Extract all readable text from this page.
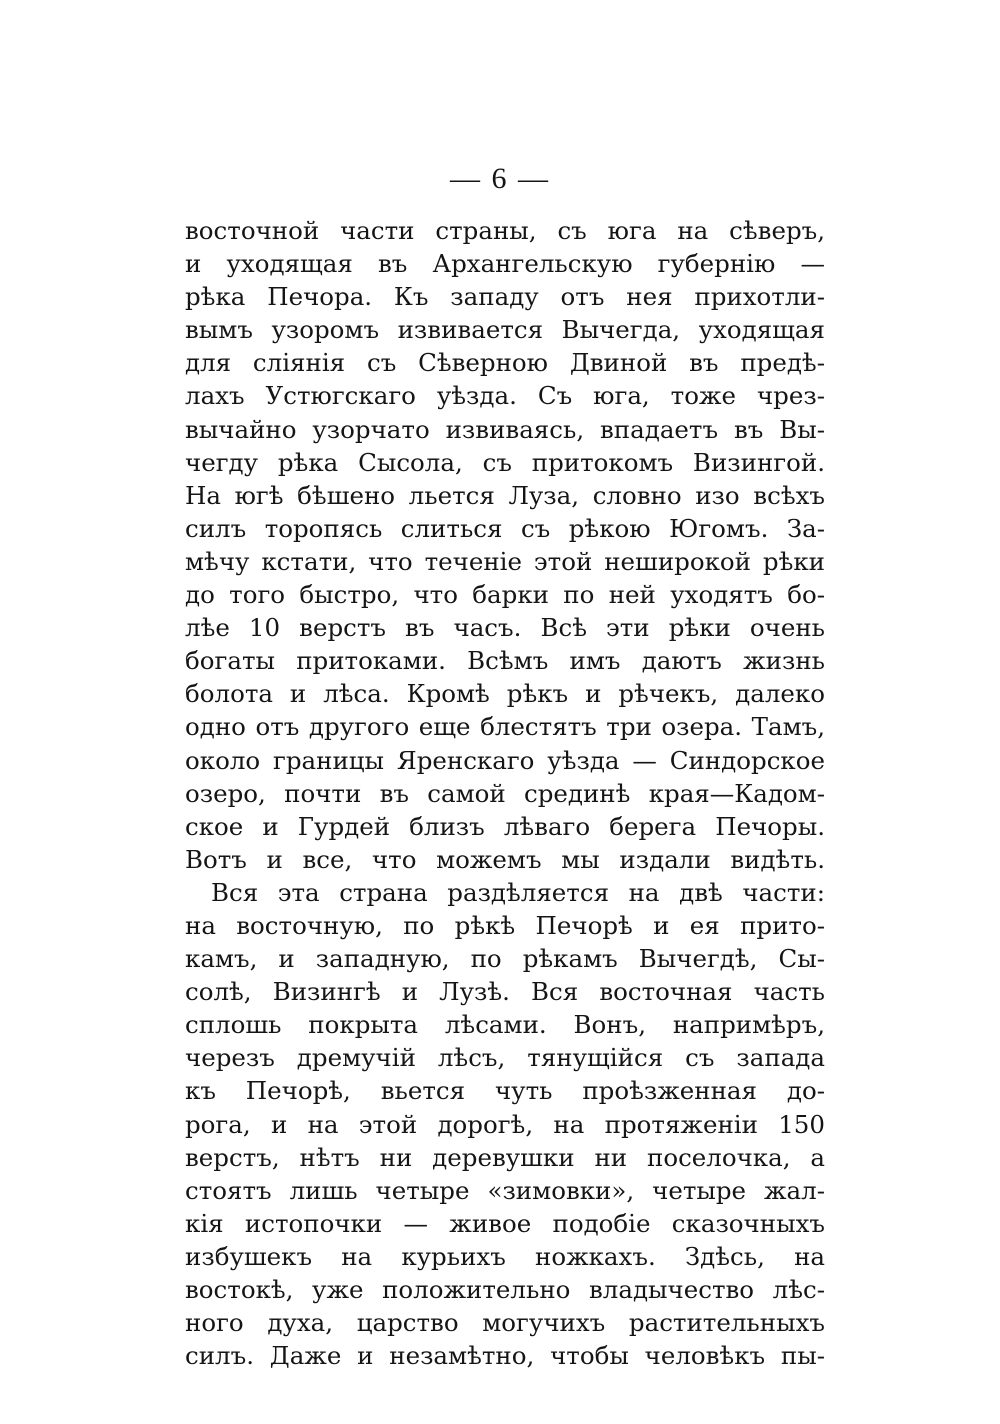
— 6 —
восточной части страны, съ юга на сѣверъ,
и уходящая въ Архангельскую губернію —
рѣка Печора. Къ западу отъ нея прихотли-
вымъ узоромъ извивается Вычегда, уходящая
для сліянія съ Сѣверною Двиной въ предѣ-
лахъ Устюгскаго уѣзда. Съ юга, тоже чрез-
вычайно узорчато извиваясь, впадаетъ въ Вы-
чегду рѣка Сысола, съ притокомъ Визингой.
На югѣ бѣшено льется Луза, словно изо всѣхъ
силъ торопясь слиться съ рѣкою Югомъ. За-
мѣчу кстати, что теченіе этой неширокой рѣки
до того быстро, что барки по ней уходятъ бо-
лѣе 10 верстъ въ часъ. Всѣ эти рѣки очень
богаты притоками. Всѣмъ имъ даютъ жизнь
болота и лѣса. Кромѣ рѣкъ и рѣчекъ, далеко
одно отъ другого еще блестятъ три озера. Тамъ,
около границы Яренскаго уѣзда — Синдорское
озеро, почти въ самой срединѣ края—Кадом-
ское и Гурдей близъ лѣваго берега Печоры.
Вотъ и все, что можемъ мы издали видѣть.
Вся эта страна раздѣляется на двѣ части:
на восточную, по рѣкѣ Печорѣ и ея прито-
камъ, и западную, по рѣкамъ Вычегдѣ, Сы-
солѣ, Визингѣ и Лузѣ. Вся восточная часть
сплошь покрыта лѣсами. Вонъ, напримѣръ,
черезъ дремучій лѣсъ, тянущійся съ запада
къ Печорѣ, вьется чуть проѣзженная до-
рога, и на этой дорогѣ, на протяженіи 150
верстъ, нѣтъ ни деревушки ни поселочка, а
стоятъ лишь четыре «зимовки», четыре жал-
кія истопочки — живое подобіе сказочныхъ
избушекъ на курьихъ ножкахъ. Здѣсь, на
востокѣ, уже положительно владычество лѣс-
ного духа, царство могучихъ растительныхъ
силъ. Даже и незамѣтно, чтобы человѣкъ пы-
